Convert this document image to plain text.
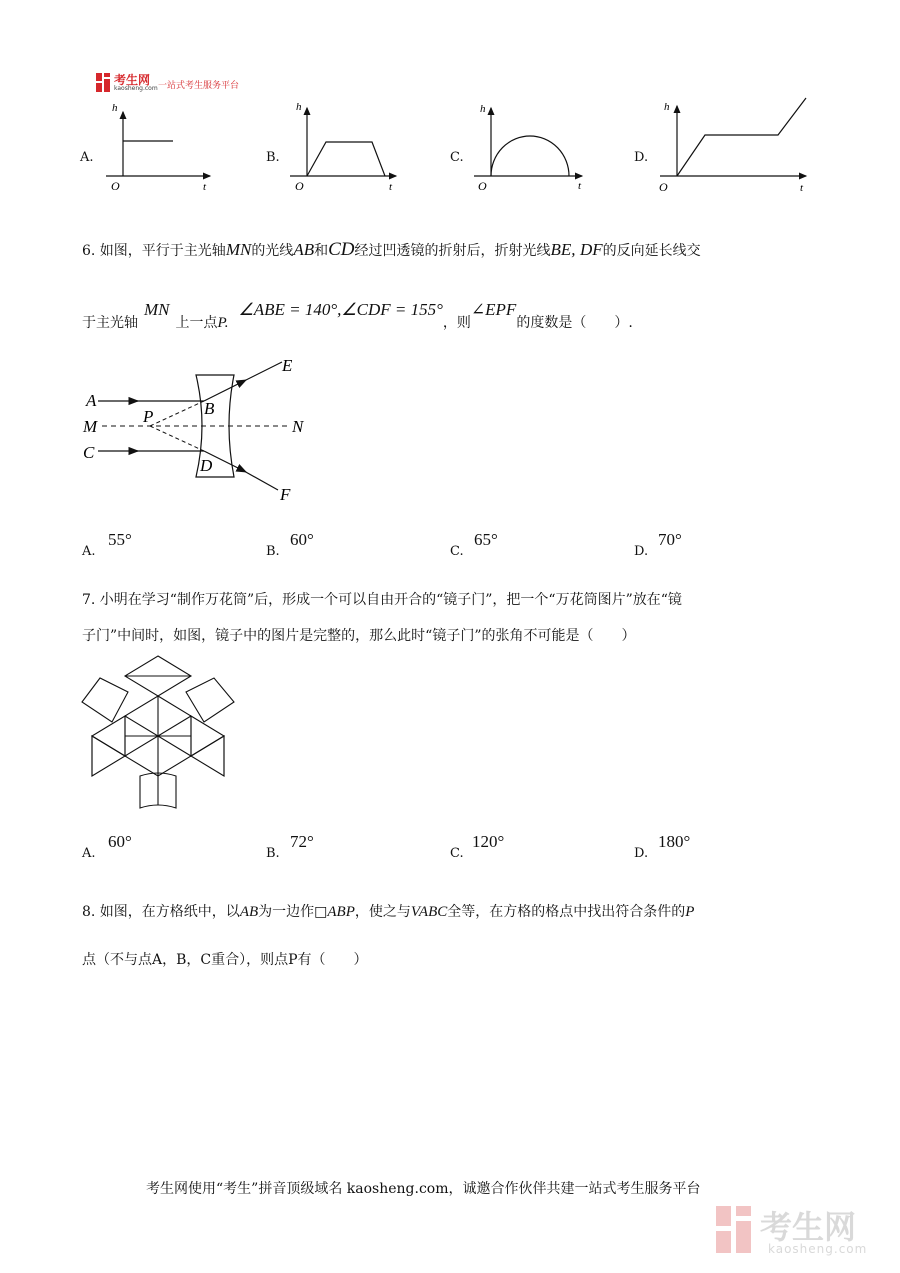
考生网
kaosheng.com 一站式考生服务平台
A.
h
t
O
B.
h
t
O
C.
h
t
O
D.
h
t
O
6. 如图，平行于主光轴MN的光线AB和CD经过凹透镜的折射后，折射光线BE, DF的反向延长线交
于主光轴MN上一点P.∠ABE = 140°,∠CDF = 155°，则∠EPF的度数是（　　）.
A
M
C
P	B
D
E
F
N
A.
55°
B.
60°
C.
65°
D.
70°
7. 小明在学习“制作万花筒”后，形成一个可以自由开合的“镜子门”，把一个“万花筒图片”放在“镜
子门”中间时，如图，镜子中的图片是完整的，那么此时“镜子门”的张角不可能是（　　）
A.
60°
B.
72°
C.
120°
D.
180°
8. 如图，在方格纸中，以AB为一边作□ABP，使之与VABC全等，在方格的格点中找出符合条件的P
点（不与点A，B，C重合），则点P有（　　）
考生网使用“考生”拼音顶级域名 kaosheng.com，诚邀合作伙伴共建一站式考生服务平台
考生网
kaosheng.com
